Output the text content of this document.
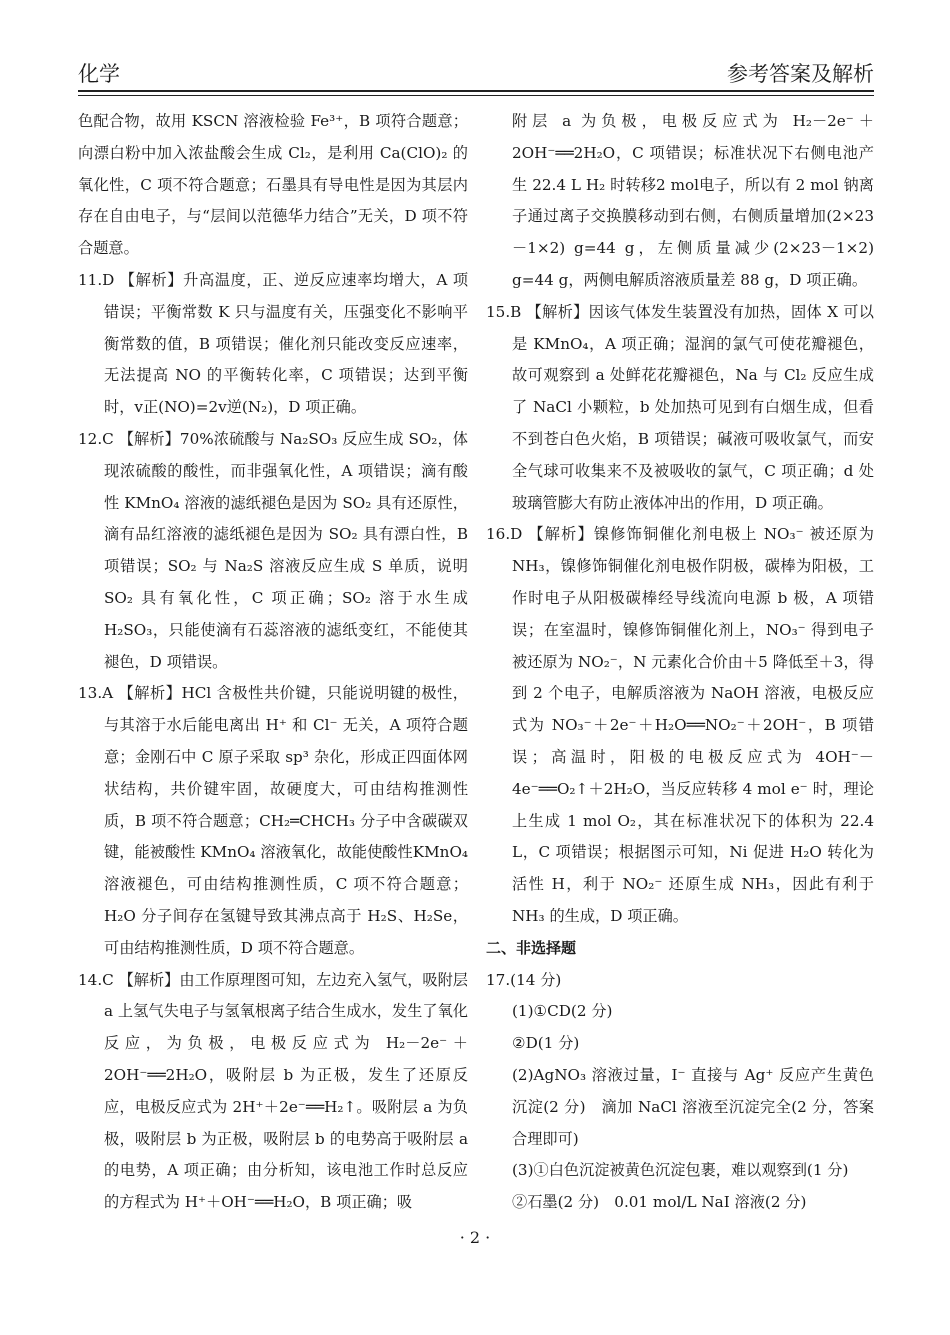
化学	参考答案及解析

色配合物，故用 KSCN 溶液检验 Fe³⁺，B 项符合题意；向漂白粉中加入浓盐酸会生成 Cl₂，是利用 Ca(ClO)₂ 的氧化性，C 项不符合题意；石墨具有导电性是因为其层内存在自由电子，与“层间以范德华力结合”无关，D 项不符合题意。

11.D 【解析】升高温度，正、逆反应速率均增大，A 项错误；平衡常数 K 只与温度有关，压强变化不影响平衡常数的值，B 项错误；催化剂只能改变反应速率，无法提高 NO 的平衡转化率，C 项错误；达到平衡时，v正(NO)=2v逆(N₂)，D 项正确。

12.C 【解析】70%浓硫酸与 Na₂SO₃ 反应生成 SO₂，体现浓硫酸的酸性，而非强氧化性，A 项错误；滴有酸性 KMnO₄ 溶液的滤纸褪色是因为 SO₂ 具有还原性，滴有品红溶液的滤纸褪色是因为 SO₂ 具有漂白性，B 项错误；SO₂ 与 Na₂S 溶液反应生成 S 单质，说明 SO₂ 具有氧化性，C 项正确；SO₂ 溶于水生成 H₂SO₃，只能使滴有石蕊溶液的滤纸变红，不能使其褪色，D 项错误。

13.A 【解析】HCl 含极性共价键，只能说明键的极性，与其溶于水后能电离出 H⁺ 和 Cl⁻ 无关，A 项符合题意；金刚石中 C 原子采取 sp³ 杂化，形成正四面体网状结构，共价键牢固，故硬度大，可由结构推测性质，B 项不符合题意；CH₂═CHCH₃ 分子中含碳碳双键，能被酸性 KMnO₄ 溶液氧化，故能使酸性KMnO₄ 溶液褪色，可由结构推测性质，C 项不符合题意；H₂O 分子间存在氢键导致其沸点高于 H₂S、H₂Se，可由结构推测性质，D 项不符合题意。

14.C 【解析】由工作原理图可知，左边充入氢气，吸附层 a 上氢气失电子与氢氧根离子结合生成水，发生了氧化反应，为负极，电极反应式为 H₂－2e⁻＋2OH⁻══2H₂O，吸附层 b 为正极，发生了还原反应，电极反应式为 2H⁺＋2e⁻══H₂↑。吸附层 a 为负极，吸附层 b 为正极，吸附层 b 的电势高于吸附层 a 的电势，A 项正确；由分析知，该电池工作时总反应的方程式为 H⁺＋OH⁻══H₂O，B 项正确；吸

附层 a 为负极，电极反应式为 H₂－2e⁻＋2OH⁻══2H₂O，C 项错误；标准状况下右侧电池产生 22.4 L H₂ 时转移2 mol电子，所以有 2 mol 钠离子通过离子交换膜移动到右侧，右侧质量增加(2×23－1×2) g=44 g，左侧质量减少(2×23－1×2) g=44 g，两侧电解质溶液质量差 88 g，D 项正确。

15.B 【解析】因该气体发生装置没有加热，固体 X 可以是 KMnO₄，A 项正确；湿润的氯气可使花瓣褪色，故可观察到 a 处鲜花花瓣褪色，Na 与 Cl₂ 反应生成了 NaCl 小颗粒，b 处加热可见到有白烟生成，但看不到苍白色火焰，B 项错误；碱液可吸收氯气，而安全气球可收集来不及被吸收的氯气，C 项正确；d 处玻璃管膨大有防止液体冲出的作用，D 项正确。

16.D 【解析】镍修饰铜催化剂电极上 NO₃⁻ 被还原为 NH₃，镍修饰铜催化剂电极作阴极，碳棒为阳极，工作时电子从阳极碳棒经导线流向电源 b 极，A 项错误；在室温时，镍修饰铜催化剂上，NO₃⁻ 得到电子被还原为 NO₂⁻，N 元素化合价由＋5 降低至＋3，得到 2 个电子，电解质溶液为 NaOH 溶液，电极反应式为 NO₃⁻＋2e⁻＋H₂O══NO₂⁻＋2OH⁻，B 项错误；高温时，阳极的电极反应式为 4OH⁻－4e⁻══O₂↑＋2H₂O，当反应转移 4 mol e⁻ 时，理论上生成 1 mol O₂，其在标准状况下的体积为 22.4 L，C 项错误；根据图示可知，Ni 促进 H₂O 转化为活性 H，利于 NO₂⁻ 还原生成 NH₃，因此有利于 NH₃ 的生成，D 项正确。

二、非选择题

17.(14 分)

(1)①CD(2 分)

②D(1 分)

(2)AgNO₃ 溶液过量，I⁻ 直接与 Ag⁺ 反应产生黄色沉淀(2 分)　滴加 NaCl 溶液至沉淀完全(2 分，答案合理即可)

(3)①白色沉淀被黄色沉淀包裹，难以观察到(1 分)

②石墨(2 分)　0.01 mol/L NaI 溶液(2 分)

· 2 ·
